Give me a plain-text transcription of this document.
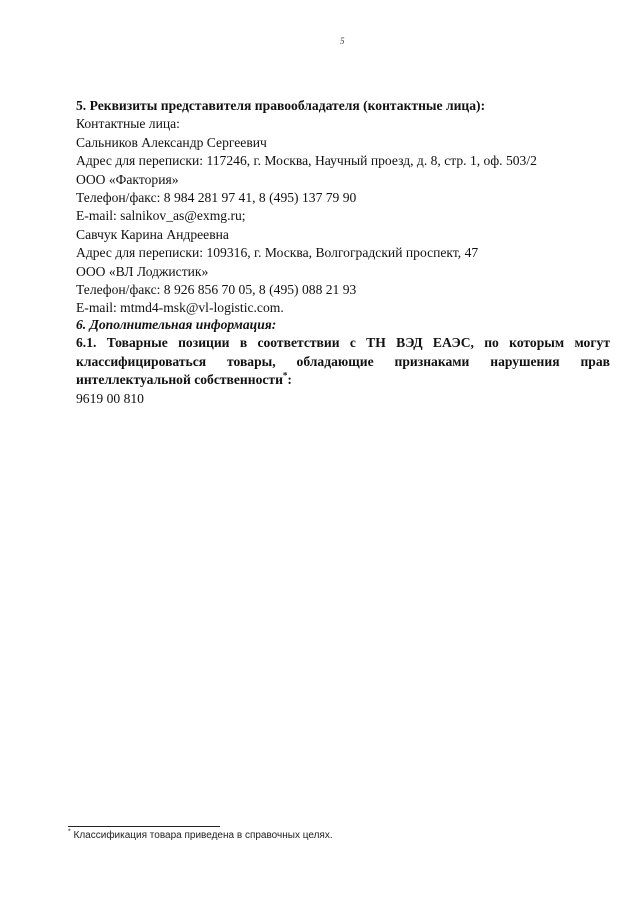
5
5. Реквизиты представителя правообладателя (контактные лица):
Контактные лица:
Сальников Александр Сергеевич
Адрес для переписки: 117246, г. Москва, Научный проезд, д. 8, стр. 1, оф. 503/2
ООО «Фактория»
Телефон/факс: 8 984 281 97 41, 8 (495) 137 79 90
E-mail: salnikov_as@exmg.ru;
Савчук Карина Андреевна
Адрес для переписки: 109316, г. Москва, Волгоградский проспект, 47
ООО «ВЛ Лоджистик»
Телефон/факс: 8 926 856 70 05, 8 (495) 088 21 93
E-mail: mtmd4-msk@vl-logistic.com.
6. Дополнительная информация:
6.1. Товарные позиции в соответствии с ТН ВЭД ЕАЭС, по которым могут
классифицироваться товары, обладающие признаками нарушения прав
интеллектуальной собственности*:
9619 00 810
* Классификация товара приведена в справочных целях.
